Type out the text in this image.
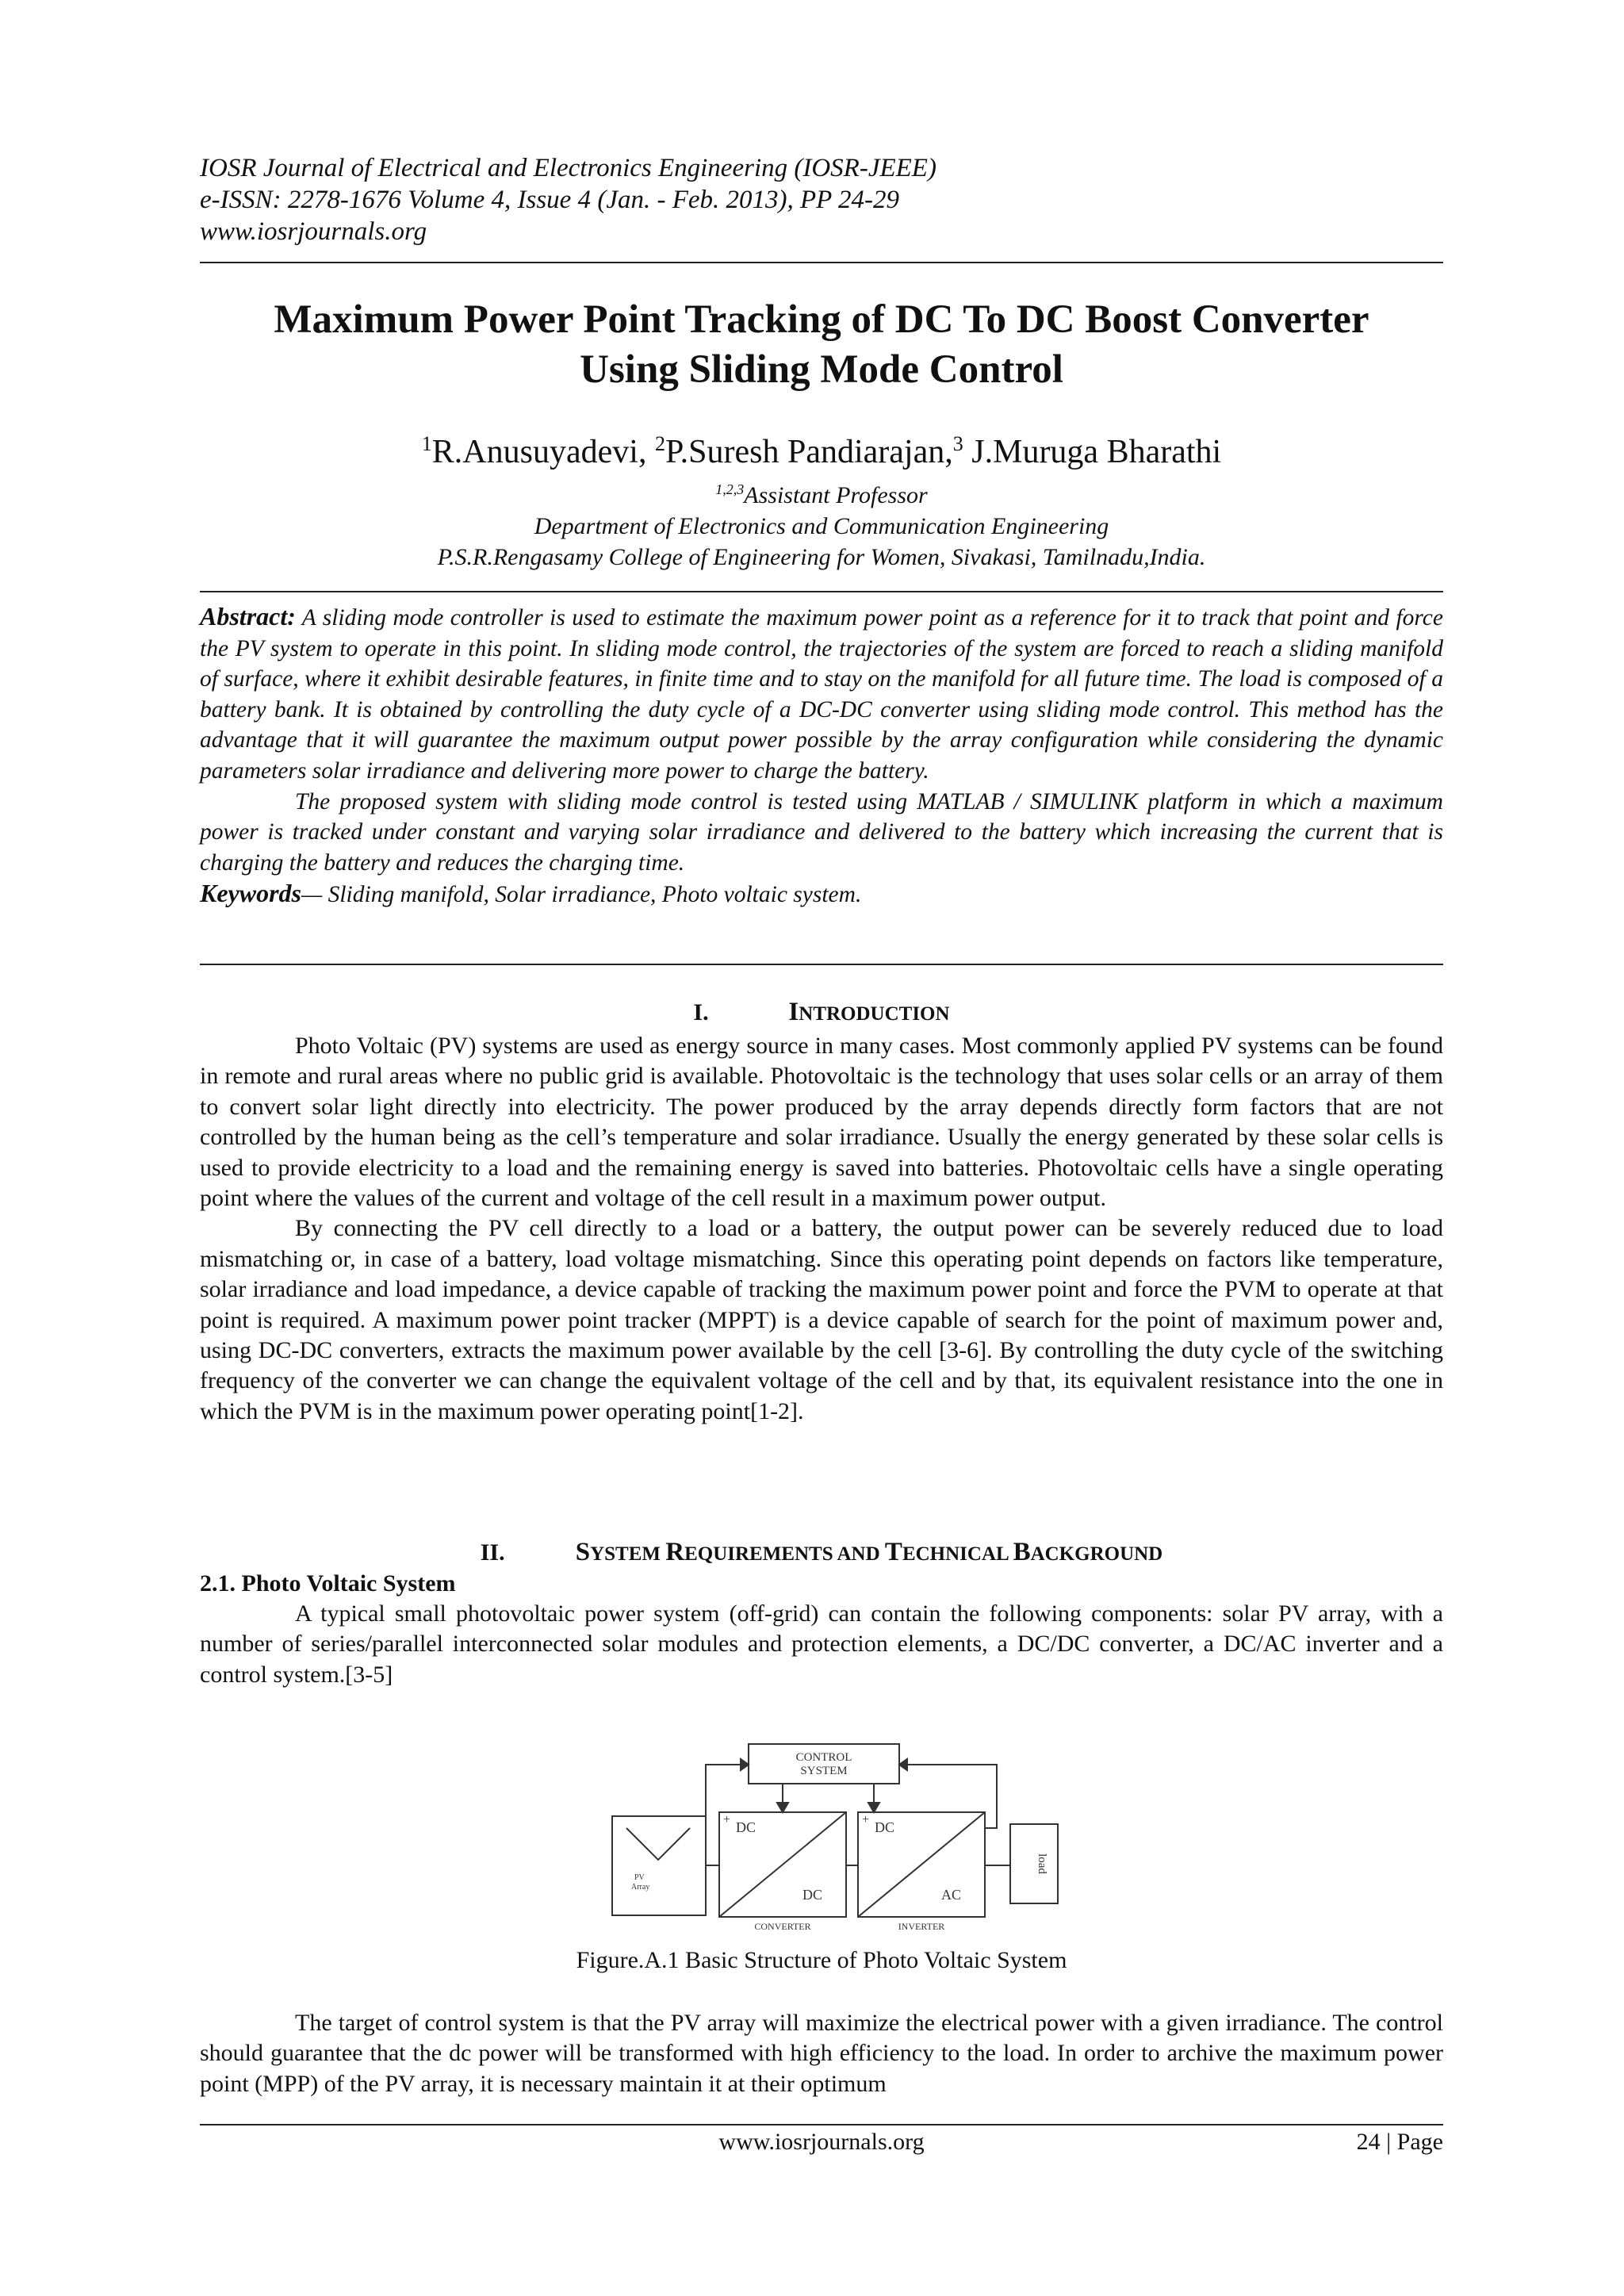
IOSR Journal of Electrical and Electronics Engineering (IOSR-JEEE)
e-ISSN: 2278-1676 Volume 4, Issue 4 (Jan. - Feb. 2013), PP 24-29
www.iosrjournals.org
Maximum Power Point Tracking of DC To DC Boost Converter
Using Sliding Mode Control
$^1$R.Anusuyadevi, $^2$P.Suresh Pandiarajan,$^3$ J.Muruga Bharathi
$^{1,2,3}$Assistant Professor
Department of Electronics and Communication Engineering
P.S.R.Rengasamy College of Engineering for Women, Sivakasi, Tamilnadu,India.

Abstract: A sliding mode controller is used to estimate the maximum power point as a reference for it to track that point and force the PV system to operate in this point. In sliding mode control, the trajectories of the system are forced to reach a sliding manifold of surface, where it exhibit desirable features, in finite time and to stay on the manifold for all future time. The load is composed of a battery bank. It is obtained by controlling the duty cycle of a DC-DC converter using sliding mode control. This method has the advantage that it will guarantee the maximum output power possible by the array configuration while considering the dynamic parameters solar irradiance and delivering more power to charge the battery.

The proposed system with sliding mode control is tested using MATLAB / SIMULINK platform in which a maximum power is tracked under constant and varying solar irradiance and delivered to the battery which increasing the current that is charging the battery and reduces the charging time.

Keywords— Sliding manifold, Solar irradiance, Photo voltaic system.

I.	INTRODUCTION

Photo Voltaic (PV) systems are used as energy source in many cases. Most commonly applied PV systems can be found in remote and rural areas where no public grid is available. Photovoltaic is the technology that uses solar cells or an array of them to convert solar light directly into electricity. The power produced by the array depends directly form factors that are not controlled by the human being as the cell’s temperature and solar irradiance. Usually the energy generated by these solar cells is used to provide electricity to a load and the remaining energy is saved into batteries. Photovoltaic cells have a single operating point where the values of the current and voltage of the cell result in a maximum power output.

By connecting the PV cell directly to a load or a battery, the output power can be severely reduced due to load mismatching or, in case of a battery, load voltage mismatching. Since this operating point depends on factors like temperature, solar irradiance and load impedance, a device capable of tracking the maximum power point and force the PVM to operate at that point is required. A maximum power point tracker (MPPT) is a device capable of search for the point of maximum power and, using DC-DC converters, extracts the maximum power available by the cell [3-6]. By controlling the duty cycle of the switching frequency of the converter we can change the equivalent voltage of the cell and by that, its equivalent resistance into the one in which the PVM is in the maximum power operating point[1-2].

II.	SYSTEM REQUIREMENTS AND TECHNICAL BACKGROUND
2.1. Photo Voltaic System

A typical small photovoltaic power system (off-grid) can contain the following components: solar PV array, with a number of series/parallel interconnected solar modules and protection elements, a DC/DC converter, a DC/AC inverter and a control system.[3-5]

CONTROL
SYSTEM
PV
Array
+ DC
DC
+ DC
AC
load
CONVERTER	INVERTER
Figure.A.1 Basic Structure of Photo Voltaic System

The target of control system is that the PV array will maximize the electrical power with a given irradiance. The control should guarantee that the dc power will be transformed with high efficiency to the load. In order to archive the maximum power point (MPP) of the PV array, it is necessary maintain it at their optimum

www.iosrjournals.org	24 | Page
